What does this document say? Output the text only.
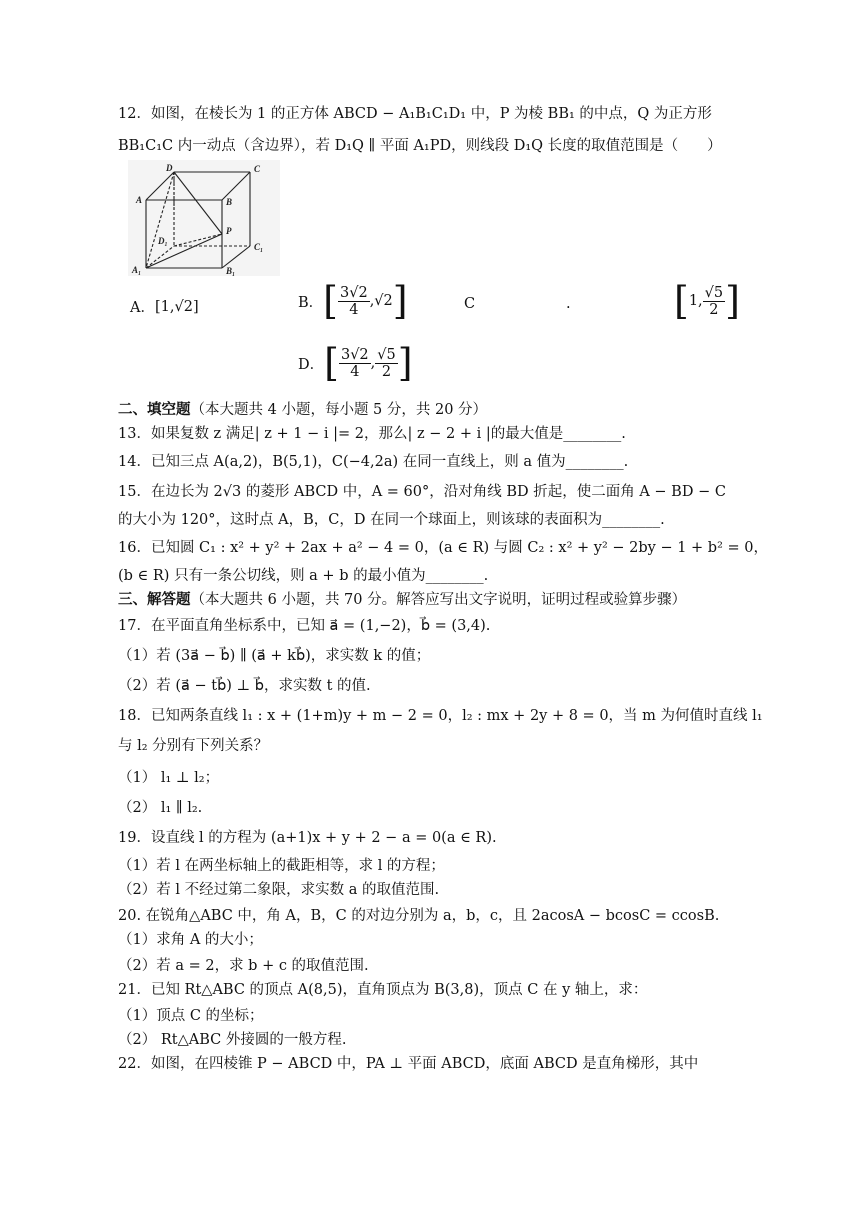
12．如图，在棱长为 1 的正方体 ABCD − A₁B₁C₁D₁ 中，P 为棱 BB₁ 的中点，Q 为正方形
BB₁C₁C 内一动点（含边界），若 D₁Q ∥ 平面 A₁PD，则线段 D₁Q 长度的取值范围是（　　）
D	C
A	B
P
D₁
C₁
A₁	B₁
A． [1,√2]	B． [ $\frac{3√2}{4} ,√2$ ]	C	.	[ 1, $\frac{√5}{2}$ ]
D． [ $\frac{3√2}{4}$ , $\frac{√5}{2}$ ]
二、填空题（本大题共 4 小题，每小题 5 分，共 20 分）
13．如果复数 z 满足| z + 1 − i |= 2，那么| z − 2 + i |的最大值是________.
14．已知三点 A(a,2)，B(5,1)，C(−4,2a) 在同一直线上，则 a 值为________.
15．在边长为 2√3 的菱形 ABCD 中，A = 60°，沿对角线 BD 折起，使二面角 A − BD − C
的大小为 120°，这时点 A，B，C，D 在同一个球面上，则该球的表面积为________.
16．已知圆 C₁ : x² + y² + 2ax + a² − 4 = 0，(a ∈ R) 与圆 C₂ : x² + y² − 2by − 1 + b² = 0，
(b ∈ R) 只有一条公切线，则 a + b 的最小值为________.
三、解答题（本大题共 6 小题，共 70 分。解答应写出文字说明，证明过程或验算步骤）
17．在平面直角坐标系中，已知 a⃗ = (1,−2)，b⃗ = (3,4).
（1）若 (3a⃗ − b⃗) ∥ (a⃗ + kb⃗)，求实数 k 的值；
（2）若 (a⃗ − tb⃗) ⊥ b⃗，求实数 t 的值.
18．已知两条直线 l₁ : x + (1+m)y + m − 2 = 0，l₂ : mx + 2y + 8 = 0，当 m 为何值时直线 l₁
与 l₂ 分别有下列关系？
（1） l₁ ⊥ l₂；
（2） l₁ ∥ l₂.
19．设直线 l 的方程为 (a+1)x + y + 2 − a = 0(a ∈ R).
（1）若 l 在两坐标轴上的截距相等，求 l 的方程；
（2）若 l 不经过第二象限，求实数 a 的取值范围.
20. 在锐角△ABC 中，角 A，B，C 的对边分别为 a，b，c，且 2acosA − bcosC = ccosB.
（1）求角 A 的大小；
（2）若 a = 2，求 b + c 的取值范围.
21．已知 Rt△ABC 的顶点 A(8,5)，直角顶点为 B(3,8)，顶点 C 在 y 轴上，求：
（1）顶点 C 的坐标；
（2） Rt△ABC 外接圆的一般方程.
22．如图，在四棱锥 P − ABCD 中，PA ⊥ 平面 ABCD，底面 ABCD 是直角梯形，其中
